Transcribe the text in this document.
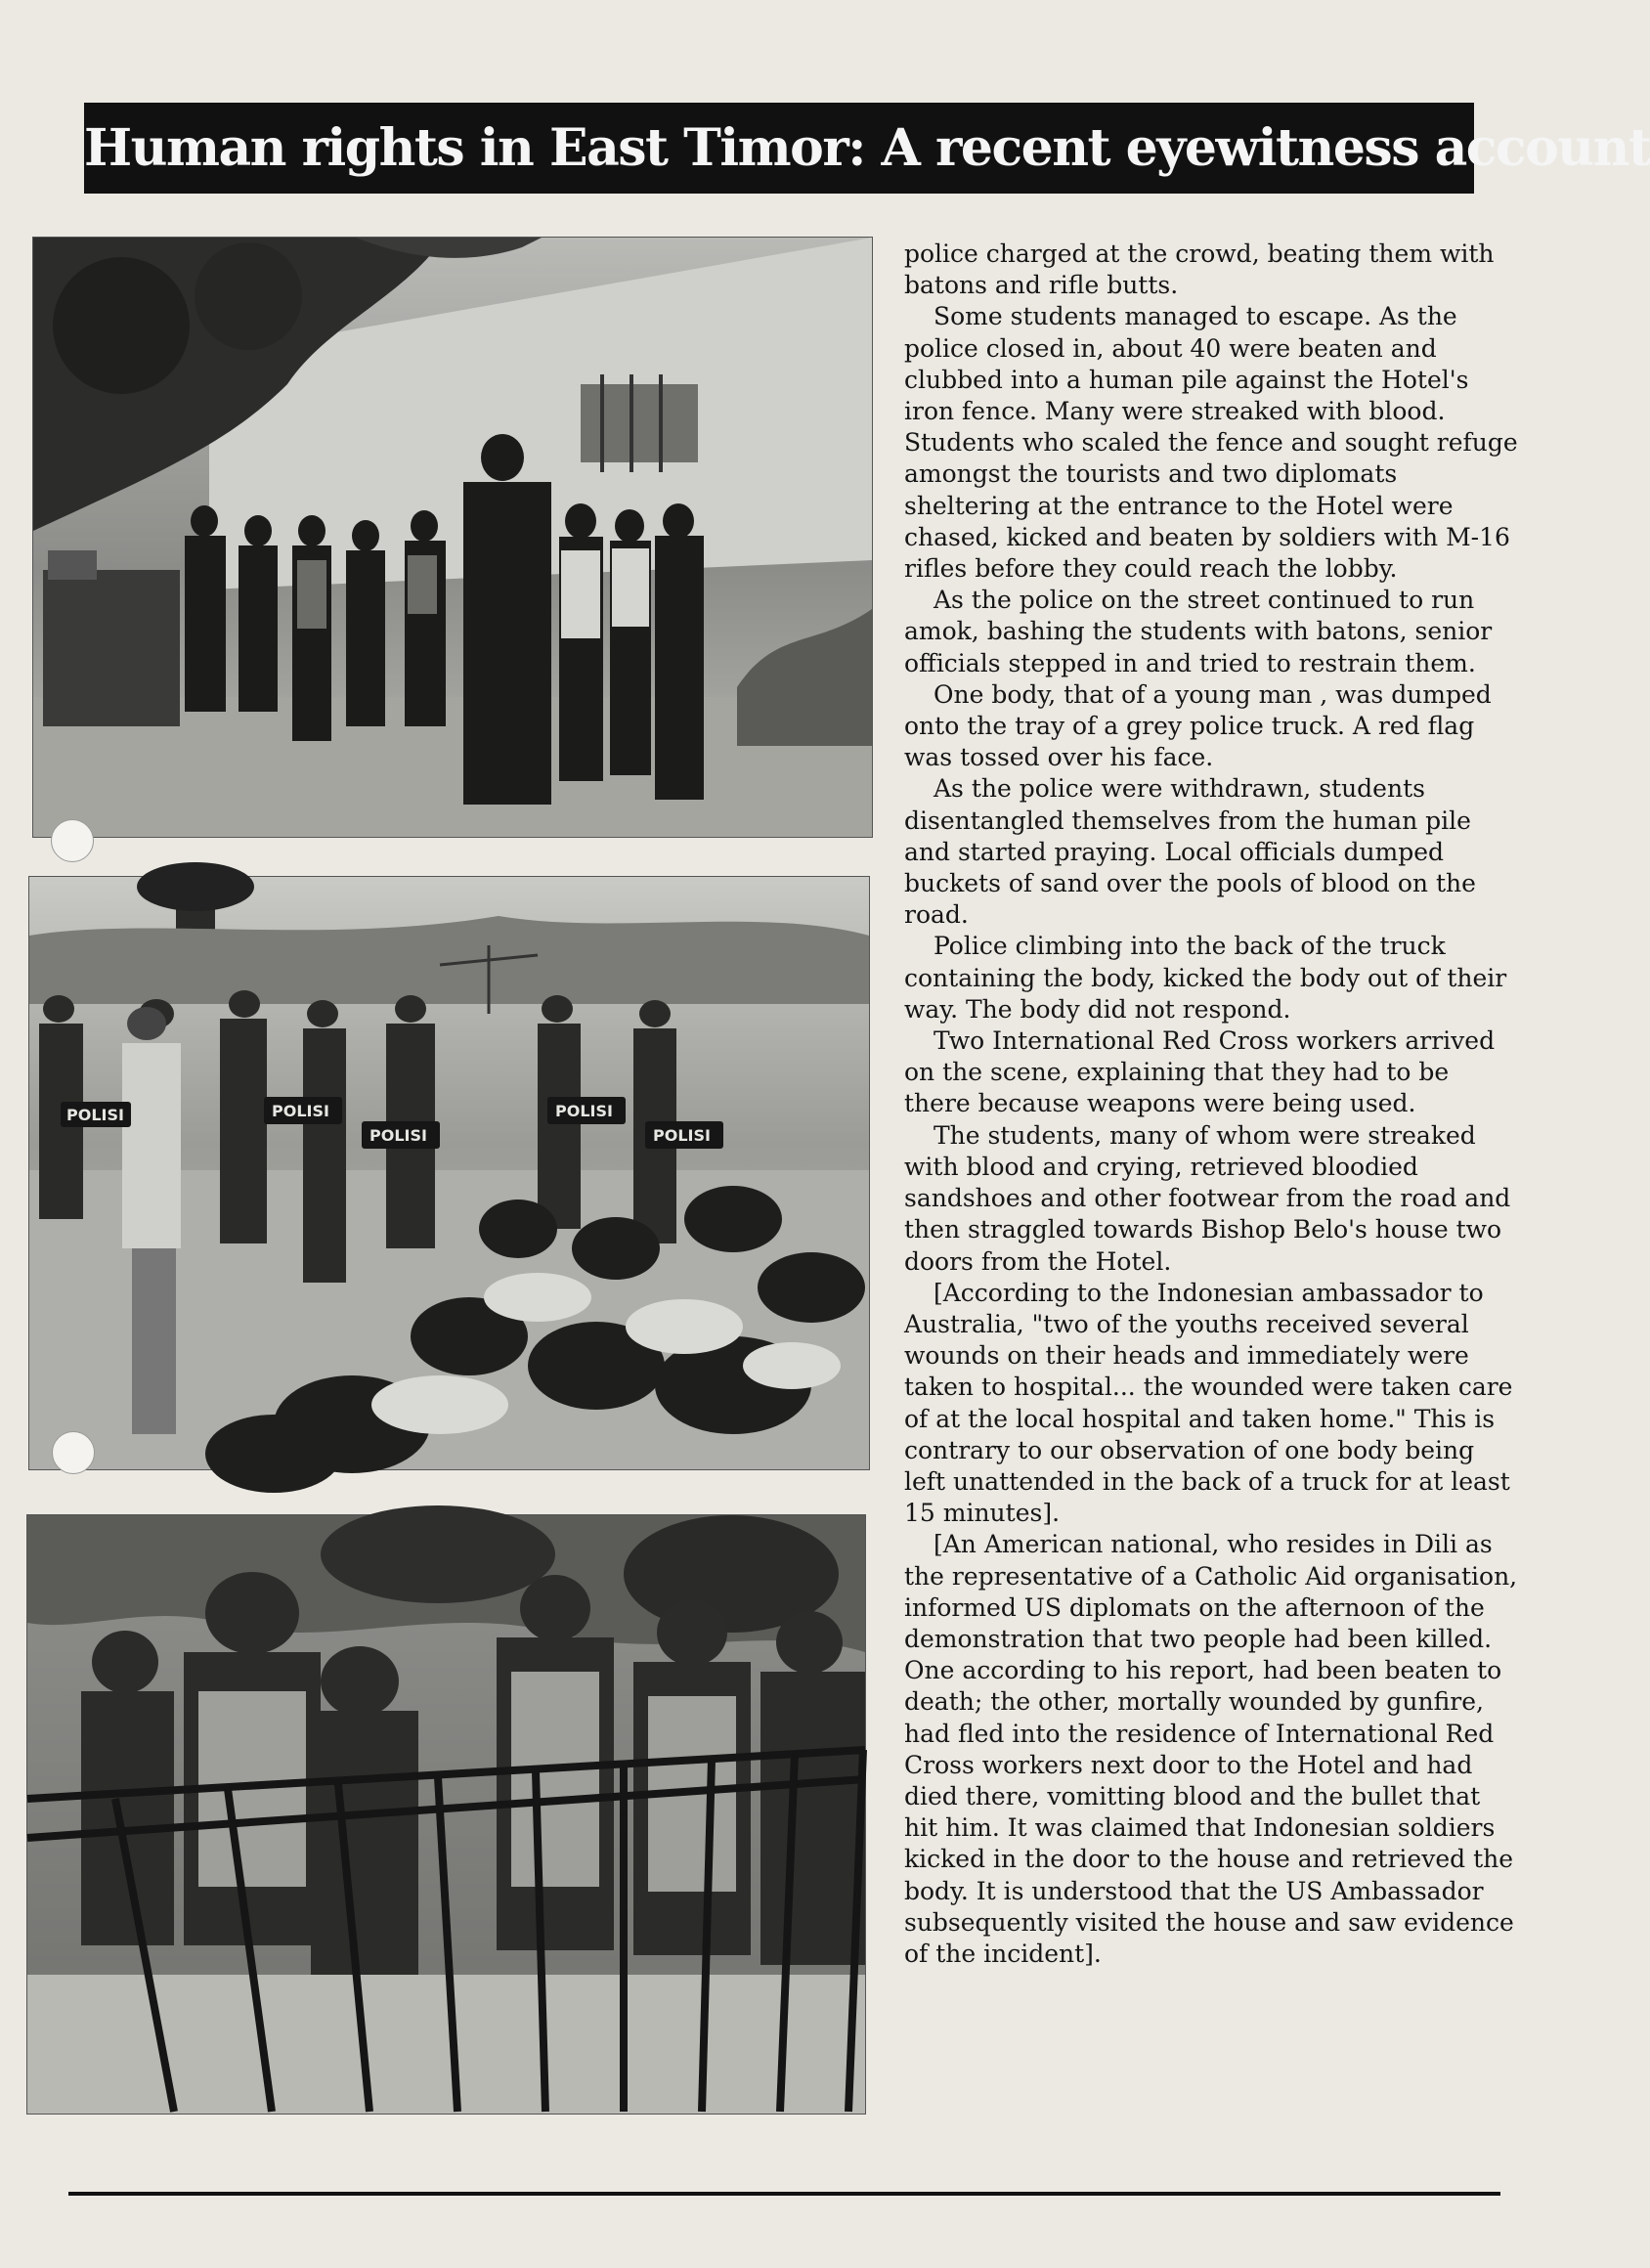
Human rights in East Timor: A recent eyewitness account
POLISI	POLISI
POLISI
POLISI
POLISI

police charged at the crowd, beating them with batons and rifle butts.

Some students managed to escape. As the police closed in, about 40 were beaten and clubbed into a human pile against the Hotel's iron fence. Many were streaked with blood. Students who scaled the fence and sought refuge amongst the tourists and two diplomats sheltering at the entrance to the Hotel were chased, kicked and beaten by soldiers with M-16 rifles before they could reach the lobby.

As the police on the street continued to run amok, bashing the students with batons, senior officials stepped in and tried to restrain them.

One body, that of a young man , was dumped onto the tray of a grey police truck. A red flag was tossed over his face.

As the police were withdrawn, students disentangled themselves from the human pile and started praying. Local officials dumped buckets of sand over the pools of blood on the road.

Police climbing into the back of the truck containing the body, kicked the body out of their way. The body did not respond.

Two International Red Cross workers arrived on the scene, explaining that they had to be there because weapons were being used.

The students, many of whom were streaked with blood and crying, retrieved bloodied sandshoes and other footwear from the road and then straggled towards Bishop Belo's house two doors from the Hotel.

[According to the Indonesian ambassador to Australia, "two of the youths received several wounds on their heads and immediately were taken to hospital... the wounded were taken care of at the local hospital and taken home." This is contrary to our observation of one body being left unattended in the back of a truck for at least 15 minutes].

[An American national, who resides in Dili as the representative of a Catholic Aid organisation, informed US diplomats on the afternoon of the demonstration that two people had been killed. One according to his report, had been beaten to death; the other, mortally wounded by gunfire, had fled into the residence of International Red Cross workers next door to the Hotel and had died there, vomitting blood and the bullet that hit him. It was claimed that Indonesian soldiers kicked in the door to the house and retrieved the body. It is understood that the US Ambassador subsequently visited the house and saw evidence of the incident].
